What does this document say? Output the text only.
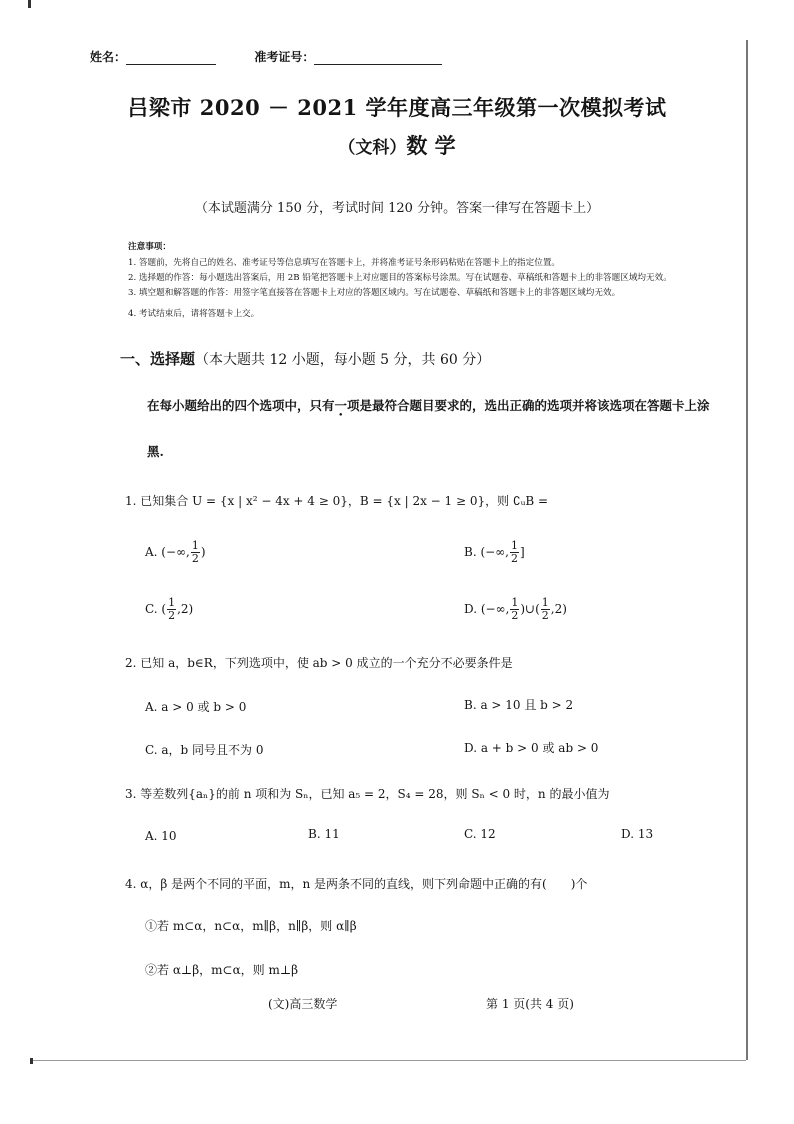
姓名：	准考证号：
吕梁市 2020 － 2021 学年度高三年级第一次模拟考试
（文科）数 学
（本试题满分 150 分，考试时间 120 分钟。答案一律写在答题卡上）
注意事项：
1. 答题前，先将自己的姓名、准考证号等信息填写在答题卡上，并将准考证号条形码粘贴在答题卡上的指定位置。
2. 选择题的作答：每小题选出答案后，用 2B 铅笔把答题卡上对应题目的答案标号涂黑。写在试题卷、草稿纸和答题卡上的非答题区域均无效。
3. 填空题和解答题的作答：用签字笔直接答在答题卡上对应的答题区域内。写在试题卷、草稿纸和答题卡上的非答题区域均无效。
4. 考试结束后，请将答题卡上交。
一、选择题（本大题共 12 小题，每小题 5 分，共 60 分）
在每小题给出的四个选项中，只有一项是最符合题目要求的，选出正确的选项并将该选项在答题卡上涂
黑.
1. 已知集合 U = {x | x² − 4x + 4 ≥ 0}，B = {x | 2x − 1 ≥ 0}，则 ∁ᵤB =
A. (−∞, $\frac{1}{2}$ )	B. (−∞, $\frac{1}{2}$ ]
C. ( $\frac{1}{2} ,2$)	D. (−∞, $\frac{1}{2}$ )∪( $\frac{1}{2} ,2$)
2. 已知 a，b∈R，下列选项中，使 ab > 0 成立的一个充分不必要条件是
A. a > 0 或 b > 0	B. a > 10 且 b > 2
C. a，b 同号且不为 0	D. a + b > 0 或 ab > 0
3. 等差数列{aₙ}的前 n 项和为 Sₙ，已知 a₅ = 2，S₄ = 28，则 Sₙ < 0 时，n 的最小值为
A. 10	B. 11	C. 12	D. 13
4. α，β 是两个不同的平面，m，n 是两条不同的直线，则下列命题中正确的有(　　)个
①若 m⊂α，n⊂α，m∥β，n∥β，则 α∥β
②若 α⊥β，m⊂α，则 m⊥β
(文)高三数学	第 1 页(共 4 页)
